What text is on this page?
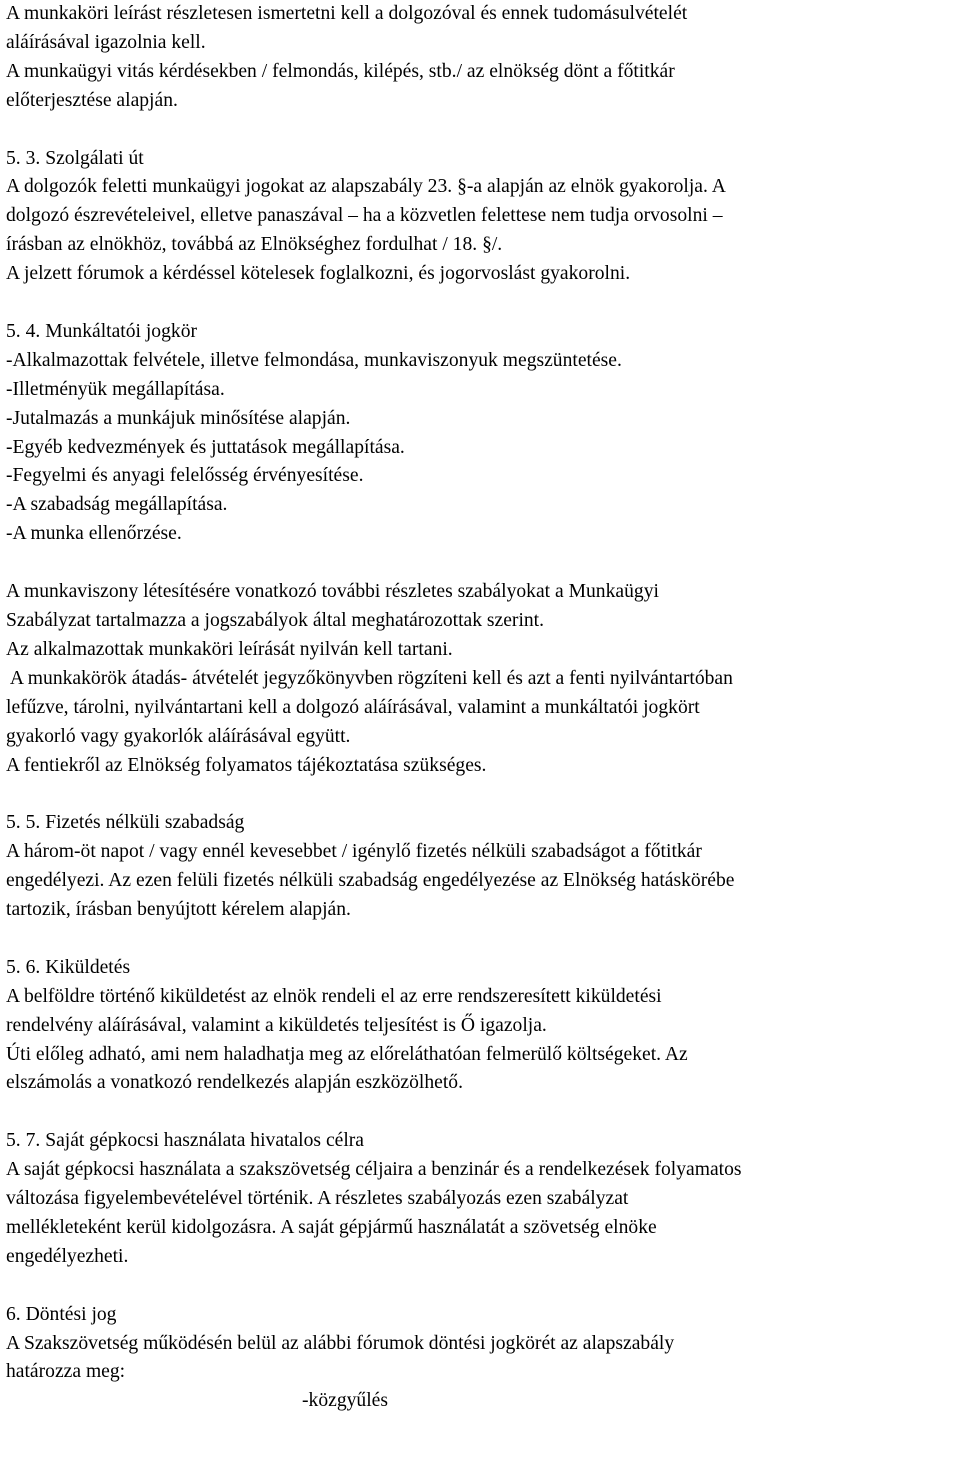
A munkaköri leírást részletesen ismertetni kell a dolgozóval és ennek tudomásulvételét
aláírásával igazolnia kell.
A munkaügyi vitás kérdésekben / felmondás, kilépés, stb./ az elnökség dönt a főtitkár
előterjesztése alapján.
5. 3. Szolgálati út
A dolgozók feletti munkaügyi jogokat az alapszabály 23. §-a alapján az elnök gyakorolja. A
dolgozó észrevételeivel, elletve panaszával – ha a közvetlen felettese nem tudja orvosolni –
írásban az elnökhöz, továbbá az Elnökséghez fordulhat / 18. §/.
A jelzett fórumok a kérdéssel kötelesek foglalkozni, és jogorvoslást gyakorolni.
5. 4. Munkáltatói jogkör
-Alkalmazottak felvétele, illetve felmondása, munkaviszonyuk megszüntetése.
-Illetményük megállapítása.
-Jutalmazás a munkájuk minősítése alapján.
-Egyéb kedvezmények és juttatások megállapítása.
-Fegyelmi és anyagi felelősség érvényesítése.
-A szabadság megállapítása.
-A munka ellenőrzése.
A munkaviszony létesítésére vonatkozó további részletes szabályokat a Munkaügyi
Szabályzat tartalmazza a jogszabályok által meghatározottak szerint.
Az alkalmazottak munkaköri leírását nyilván kell tartani.
A munkakörök átadás- átvételét jegyzőkönyvben rögzíteni kell és azt a fenti nyilvántartóban
lefűzve, tárolni, nyilvántartani kell a dolgozó aláírásával, valamint a munkáltatói jogkört
gyakorló vagy gyakorlók aláírásával együtt.
A fentiekről az Elnökség folyamatos tájékoztatása szükséges.
5. 5. Fizetés nélküli szabadság
A három-öt napot / vagy ennél kevesebbet / igénylő fizetés nélküli szabadságot a főtitkár
engedélyezi. Az ezen felüli fizetés nélküli szabadság engedélyezése az Elnökség hatáskörébe
tartozik, írásban benyújtott kérelem alapján.
5. 6. Kiküldetés
A belföldre történő kiküldetést az elnök rendeli el az erre rendszeresített kiküldetési
rendelvény aláírásával, valamint a kiküldetés teljesítést is Ő igazolja.
Úti előleg adható, ami nem haladhatja meg az előreláthatóan felmerülő költségeket. Az
elszámolás a vonatkozó rendelkezés alapján eszközölhető.
5. 7. Saját gépkocsi használata hivatalos célra
A saját gépkocsi használata a szakszövetség céljaira a benzinár és a rendelkezések folyamatos
változása figyelembevételével történik. A részletes szabályozás ezen szabályzat
mellékleteként kerül kidolgozásra. A saját gépjármű használatát a szövetség elnöke
engedélyezheti.
6. Döntési jog
A Szakszövetség működésén belül az alábbi fórumok döntési jogkörét az alapszabály
határozza meg:
-közgyűlés
